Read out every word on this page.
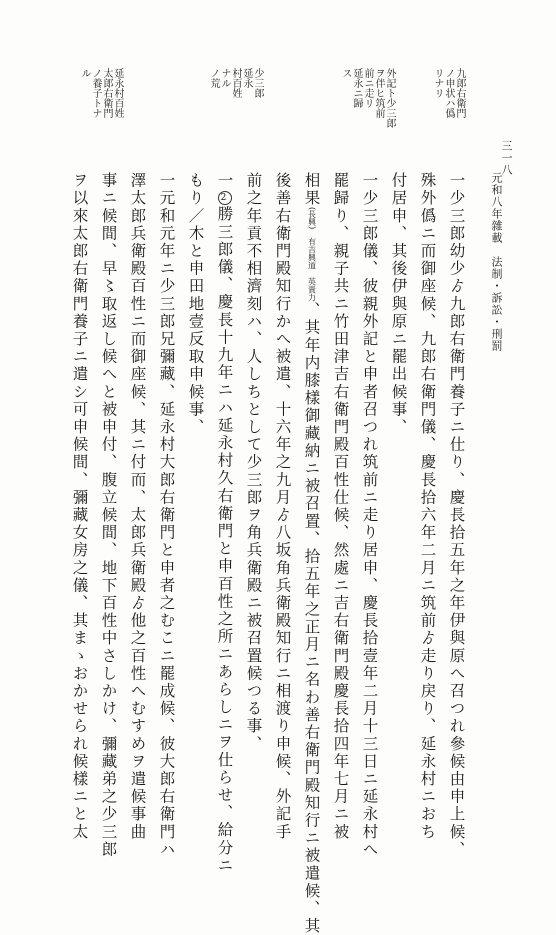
三一八
元和八年雜載　法制・訴訟・刑罰
九郎右衛門
ノ申状ハ僞
リナリ
外記ト少三郎
ヲ伴ヒ筑前
前ニ走リ
延永ニ歸
ス
少三郎
延永
村百姓
ナル
ノ荒
延永村百姓
太郎右衛門
ノ養子トナ
ル
一少三郎幼少ゟ九郎右衛門養子ニ仕り、慶長拾五年之年伊與原へ召つれ參候由申上候、
殊外僞ニ而御座候、九郎右衛門儀、慶長拾六年二月ニ筑前ゟ走り戻り、延永村ニおち
付居申、其後伊與原ニ罷出候事、
一少三郎儀、彼親外記と申者召つれ筑前ニ走り居申、慶長拾壹年二月十三日ニ延永村へ
罷歸り、親子共ニ竹田津吉右衛門殿百性仕候、然處ニ吉右衛門殿慶長拾四年七月ニ被
相果(長興)　有吉興道　英貴力、其年内膝樣御藏納ニ被召置、拾五年之正月ニ名わ善右衛門殿知行ニ被遣候、其
後善右衛門殿知行かへ被遣、十六年之九月ゟ八坂角兵衛殿知行ニ相渡り申候、外記手
前之年貢不相濟刻ハ、人しちとして少三郎ヲ角兵衛殿ニ被召置候つる事、
一2勝三郎儀、慶長十九年ニハ延永村久右衛門と申百性之所ニあらしニヲ仕らせ、給分ニ
もり／木と申田地壹反取申候事、
一元和元年ニ少三郎兄彌藏、延永村大郎右衛門と申者之むこニ罷成候、彼大郎右衛門ハ
澤太郎兵衛殿百性ニ而御座候、其ニ付而、太郎兵衛殿ゟ他之百性へむすめヲ遣候事曲
事ニ候間、早〻取返し候へと被申付、腹立候間、地下百性中さしかけ、彌藏弟之少三郎
ヲ以來太郎右衛門養子ニ遣シ可申候間、彌藏女房之儀、其まゝおかせられ候樣ニと太
